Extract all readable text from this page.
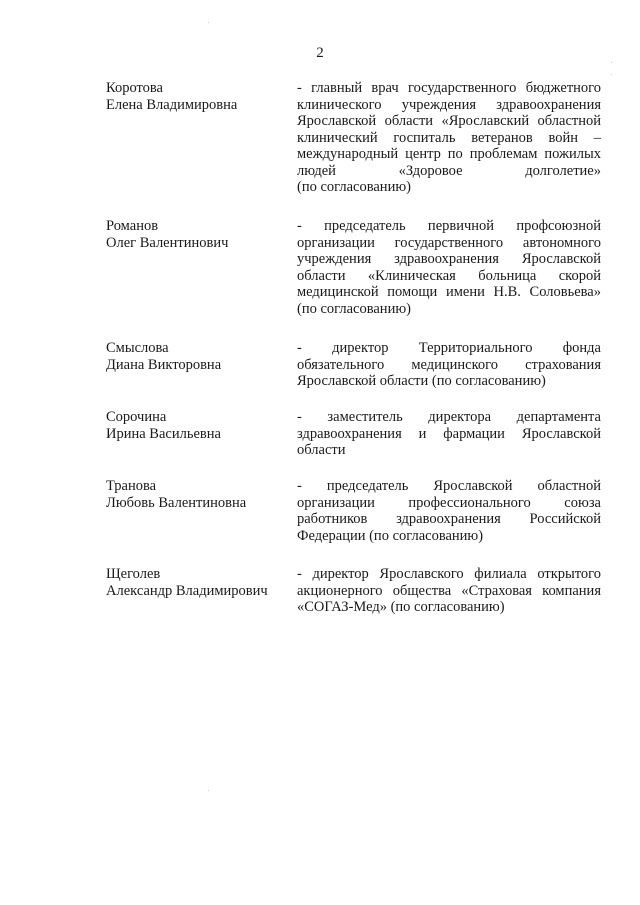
2
Коротова
Елена Владимировна
- главный врач государственного бюджетного
клинического учреждения здравоохранения
Ярославской области «Ярославский областной
клинический госпиталь ветеранов войн –
международный центр по проблемам пожилых
людей «Здоровое долголетие»
(по согласованию)
Романов
Олег Валентинович
- председатель первичной профсоюзной
организации государственного автономного
учреждения здравоохранения Ярославской
области «Клиническая больница скорой
медицинской помощи имени Н.В. Соловьева»
(по согласованию)
Смыслова
Диана Викторовна
- директор Территориального фонда
обязательного медицинского страхования
Ярославской области (по согласованию)
Сорочина
Ирина Васильевна
- заместитель директора департамента
здравоохранения и фармации Ярославской
области
Транова
Любовь Валентиновна
- председатель Ярославской областной
организации профессионального союза
работников здравоохранения Российской
Федерации (по согласованию)
Щеголев
Александр Владимирович
- директор Ярославского филиала открытого
акционерного общества «Страховая компания
«СОГАЗ-Мед» (по согласованию)
